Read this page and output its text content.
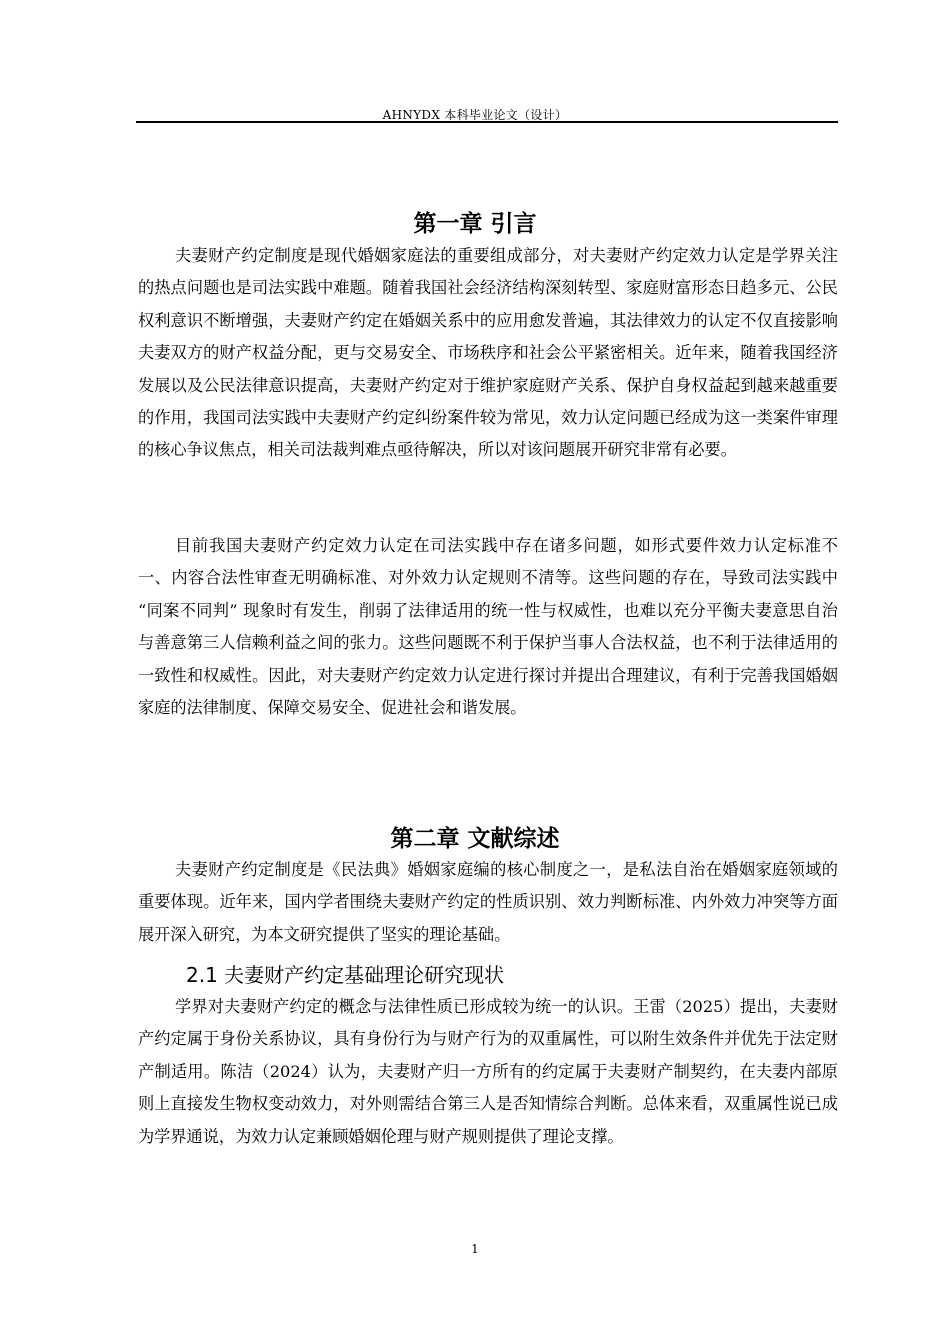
AHNYDX 本科毕业论文（设计）
第一章 引言

夫妻财产约定制度是现代婚姻家庭法的重要组成部分，对夫妻财产约定效力认定是学界关注的热点问题也是司法实践中难题。随着我国社会经济结构深刻转型、家庭财富形态日趋多元、公民权利意识不断增强，夫妻财产约定在婚姻关系中的应用愈发普遍，其法律效力的认定不仅直接影响夫妻双方的财产权益分配，更与交易安全、市场秩序和社会公平紧密相关。近年来，随着我国经济发展以及公民法律意识提高，夫妻财产约定对于维护家庭财产关系、保护自身权益起到越来越重要的作用，我国司法实践中夫妻财产约定纠纷案件较为常见，效力认定问题已经成为这一类案件审理的核心争议焦点，相关司法裁判难点亟待解决，所以对该问题展开研究非常有必要。

目前我国夫妻财产约定效力认定在司法实践中存在诸多问题，如形式要件效力认定标准不一、内容合法性审查无明确标准、对外效力认定规则不清等。这些问题的存在，导致司法实践中 “同案不同判” 现象时有发生，削弱了法律适用的统一性与权威性，也难以充分平衡夫妻意思自治与善意第三人信赖利益之间的张力。这些问题既不利于保护当事人合法权益，也不利于法律适用的一致性和权威性。因此，对夫妻财产约定效力认定进行探讨并提出合理建议，有利于完善我国婚姻家庭的法律制度、保障交易安全、促进社会和谐发展。

第二章 文献综述

夫妻财产约定制度是《民法典》婚姻家庭编的核心制度之一，是私法自治在婚姻家庭领域的重要体现。近年来，国内学者围绕夫妻财产约定的性质识别、效力判断标准、内外效力冲突等方面展开深入研究，为本文研究提供了坚实的理论基础。

2.1 夫妻财产约定基础理论研究现状

学界对夫妻财产约定的概念与法律性质已形成较为统一的认识。王雷（2025）提出，夫妻财产约定属于身份关系协议，具有身份行为与财产行为的双重属性，可以附生效条件并优先于法定财产制适用。陈洁（2024）认为，夫妻财产归一方所有的约定属于夫妻财产制契约，在夫妻内部原则上直接发生物权变动效力，对外则需结合第三人是否知情综合判断。总体来看，双重属性说已成为学界通说，为效力认定兼顾婚姻伦理与财产规则提供了理论支撑。

1
